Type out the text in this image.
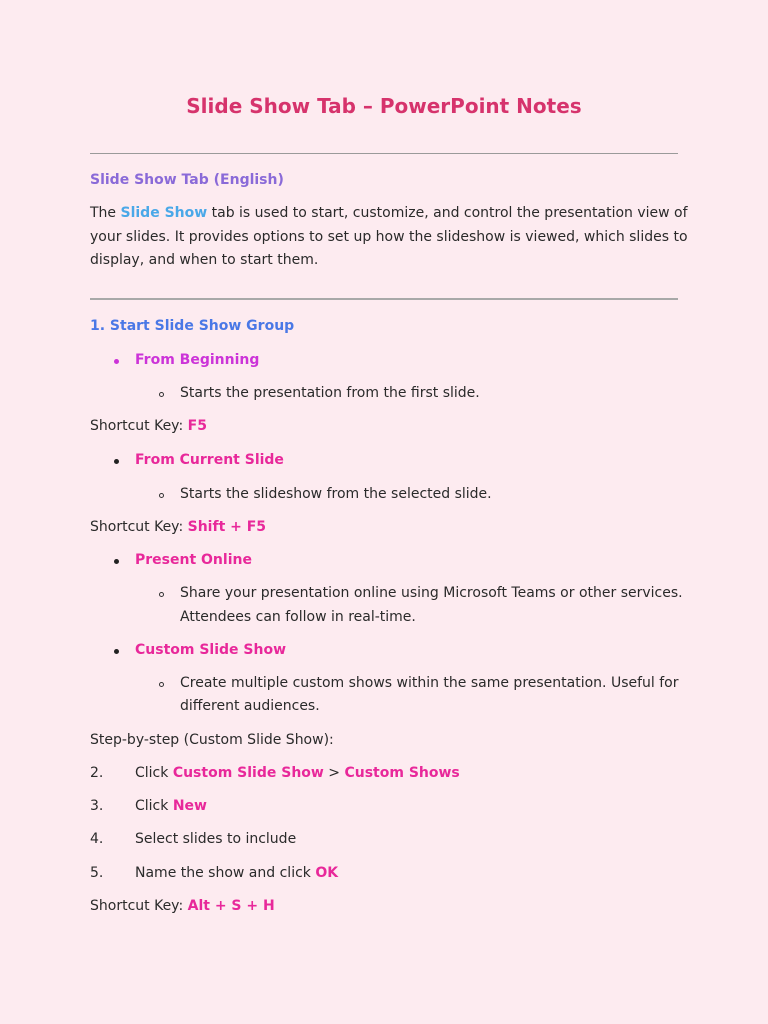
Slide Show Tab – PowerPoint Notes
Slide Show Tab (English)
The Slide Show tab is used to start, customize, and control the presentation view of
your slides. It provides options to set up how the slideshow is viewed, which slides to
display, and when to start them.
1. Start Slide Show Group
From Beginning
Starts the presentation from the first slide.
Shortcut Key: F5
From Current Slide
Starts the slideshow from the selected slide.
Shortcut Key: Shift + F5
Present Online
Share your presentation online using Microsoft Teams or other services.
Attendees can follow in real-time.
Custom Slide Show
Create multiple custom shows within the same presentation. Useful for
different audiences.
Step-by-step (Custom Slide Show):
2. Click Custom Slide Show > Custom Shows
3. Click New
4. Select slides to include
5. Name the show and click OK
Shortcut Key: Alt + S + H
